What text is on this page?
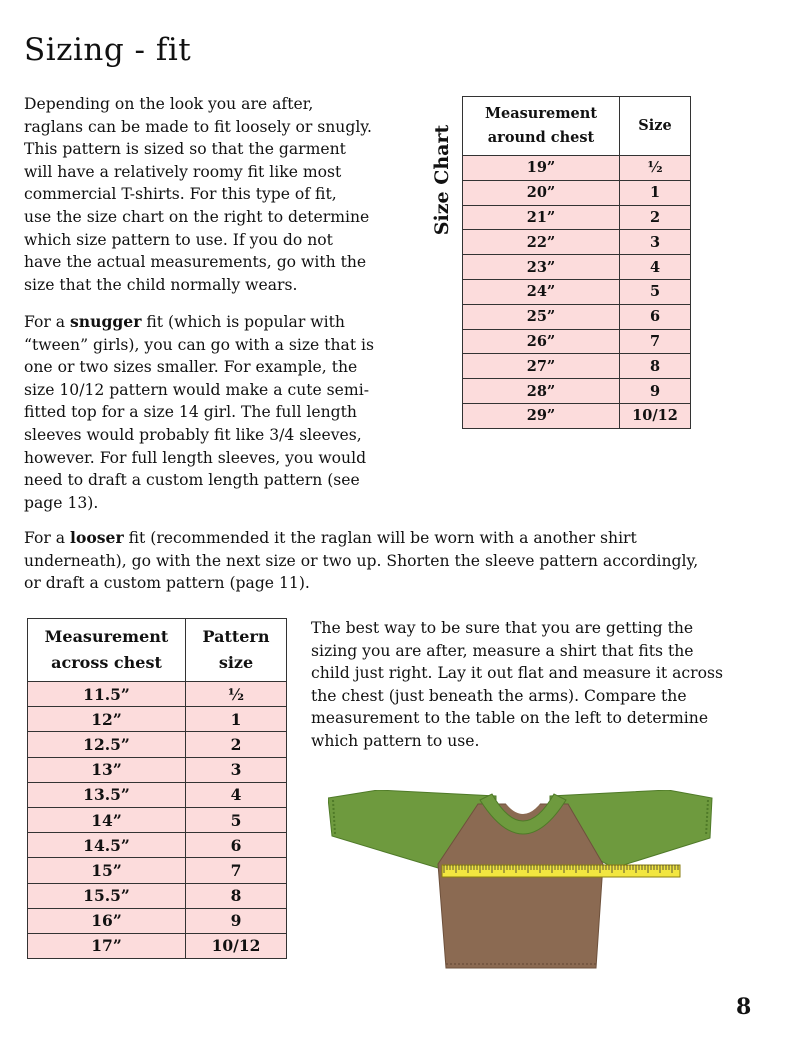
Sizing - fit

Depending on the look you are after,
raglans can be made to fit loosely or snugly.
This pattern is sized so that the garment
will have a relatively roomy fit like most
commercial T-shirts. For this type of fit,
use the size chart on the right to determine
which size pattern to use. If you do not
have the actual measurements, go with the
size that the child normally wears.

For a snugger fit (which is popular with
“tween” girls), you can go with a size that is
one or two sizes smaller. For example, the
size 10/12 pattern would make a cute semi-
fitted top for a size 14 girl. The full length
sleeves would probably fit like 3/4 sleeves,
however. For full length sleeves, you would
need to draft a custom length pattern (see
page 13).

For a looser fit (recommended it the raglan will be worn with a another shirt
underneath), go with the next size or two up. Shorten the sleeve pattern accordingly,
or draft a custom pattern (page 11).

The best way to be sure that you are getting the
sizing you are after, measure a shirt that fits the
child just right. Lay it out flat and measure it across
the chest (just beneath the arms). Compare the
measurement to the table on the left to determine
which pattern to use.

Size Chart
Measurement
around chest	Size
19”	½
20”	1
21”	2
22”	3
23”	4
24”	5
25”	6
26”	7
27”	8
28”	9
29”	10/12
Measurement
across chest	Pattern
size
11.5”	½
12”	1
12.5”	2
13”	3
13.5”	4
14”	5
14.5”	6
15”	7
15.5”	8
16”	9
17”	10/12
8
